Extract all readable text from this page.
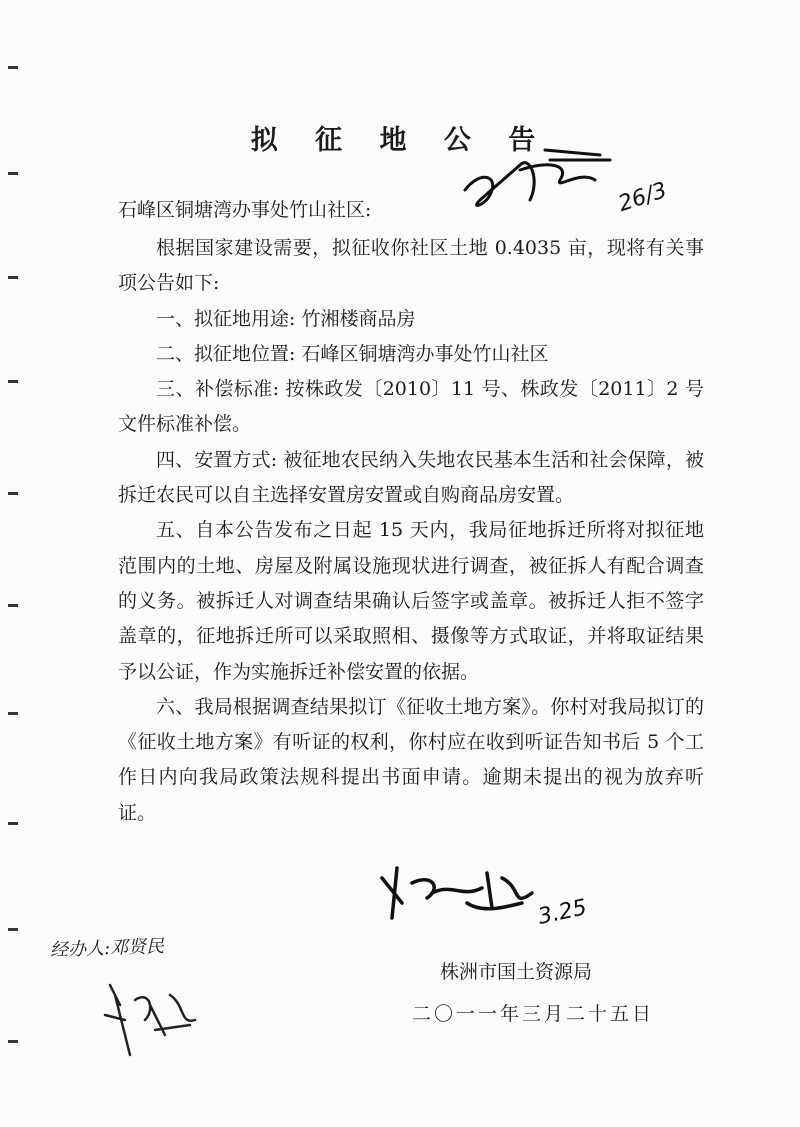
拟 征 地 公 告
26/3
石峰区铜塘湾办事处竹山社区:

根据国家建设需要，拟征收你社区土地 0.4035 亩，现将有关事项公告如下:

一、拟征地用途: 竹湘楼商品房

二、拟征地位置: 石峰区铜塘湾办事处竹山社区

三、补偿标准: 按株政发〔2010〕11 号、株政发〔2011〕2 号文件标准补偿。

四、安置方式: 被征地农民纳入失地农民基本生活和社会保障，被拆迁农民可以自主选择安置房安置或自购商品房安置。

五、自本公告发布之日起 15 天内，我局征地拆迁所将对拟征地范围内的土地、房屋及附属设施现状进行调查，被征拆人有配合调查的义务。被拆迁人对调查结果确认后签字或盖章。被拆迁人拒不签字盖章的，征地拆迁所可以采取照相、摄像等方式取证，并将取证结果予以公证，作为实施拆迁补偿安置的依据。

六、我局根据调查结果拟订《征收土地方案》。你村对我局拟订的《征收土地方案》有听证的权利，你村应在收到听证告知书后 5 个工作日内向我局政策法规科提出书面申请。逾期未提出的视为放弃听证。

3.25
经办人:邓贤民
株洲市国土资源局
二〇一一年三月二十五日
